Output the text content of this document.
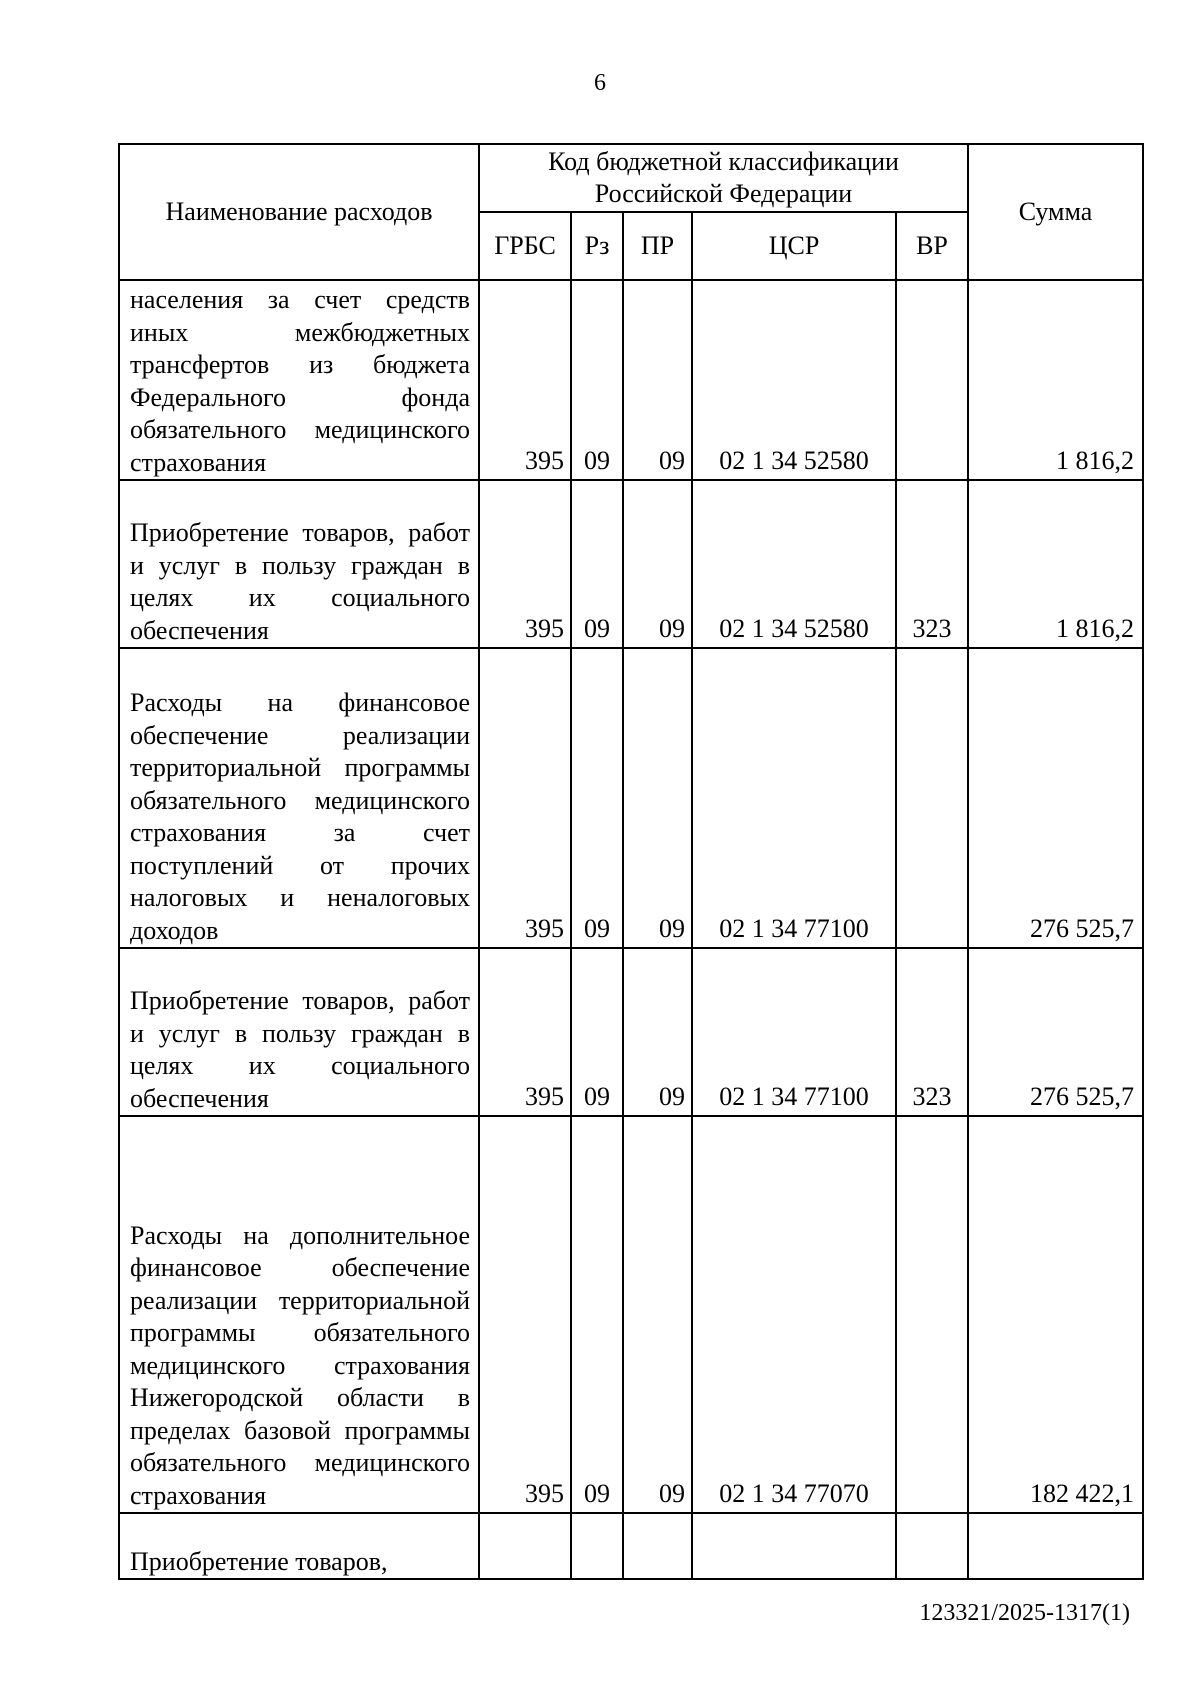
6
Наименование расходов	Код бюджетной классификации Российской Федерации					Сумма
	ГРБС	Рз	ПР	ЦСР	ВР	
населения за счет средств иных межбюджетных трансфертов из бюджета Федерального фонда обязательного медицинского страхования	395	09	09	02 1 34 52580		1 816,2
Приобретение товаров, работ и услуг в пользу граждан в целях их социального обеспечения	395	09	09	02 1 34 52580	323	1 816,2
Расходы на финансовое обеспечение реализации территориальной программы обязательного медицинского страхования за счет поступлений от прочих налоговых и неналоговых доходов	395	09	09	02 1 34 77100		276 525,7
Приобретение товаров, работ и услуг в пользу граждан в целях их социального обеспечения	395	09	09	02 1 34 77100	323	276 525,7
Расходы на дополнительное финансовое обеспечение реализации территориальной программы обязательного медицинского страхования Нижегородской области в пределах базовой программы обязательного медицинского страхования	395	09	09	02 1 34 77070		182 422,1
Приобретение товаров,						
123321/2025-1317(1)
